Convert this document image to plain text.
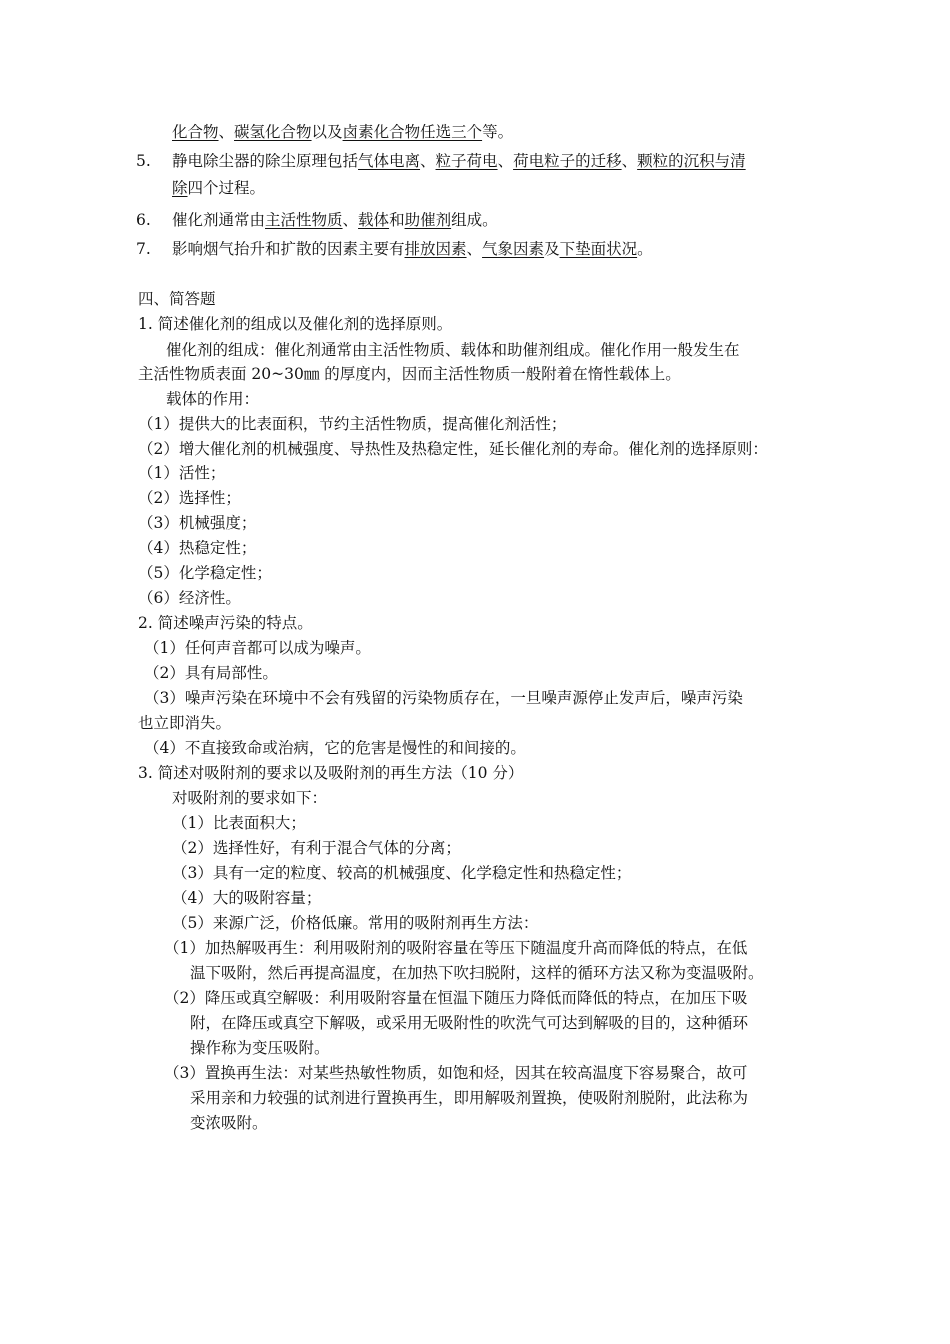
化合物、碳氢化合物以及卤素化合物任选三个等。
5. 静电除尘器的除尘原理包括气体电离、粒子荷电、荷电粒子的迁移、颗粒的沉积与清
除四个过程。
6. 催化剂通常由主活性物质、载体和助催剂组成。
7. 影响烟气抬升和扩散的因素主要有排放因素、气象因素及下垫面状况。
四、简答题
1. 简述催化剂的组成以及催化剂的选择原则。
催化剂的组成：催化剂通常由主活性物质、载体和助催剂组成。催化作用一般发生在
主活性物质表面 20~30㎜ 的厚度内，因而主活性物质一般附着在惰性载体上。
载体的作用：
（1）提供大的比表面积，节约主活性物质，提高催化剂活性；
（2）增大催化剂的机械强度、导热性及热稳定性，延长催化剂的寿命。催化剂的选择原则：
（1）活性；
（2）选择性；
（3）机械强度；
（4）热稳定性；
（5）化学稳定性；
（6）经济性。
2. 简述噪声污染的特点。
（1）任何声音都可以成为噪声。
（2）具有局部性。
（3）噪声污染在环境中不会有残留的污染物质存在，一旦噪声源停止发声后，噪声污染
也立即消失。
（4）不直接致命或治病，它的危害是慢性的和间接的。
3. 简述对吸附剂的要求以及吸附剂的再生方法（10 分）
对吸附剂的要求如下：
（1）比表面积大；
（2）选择性好，有利于混合气体的分离；
（3）具有一定的粒度、较高的机械强度、化学稳定性和热稳定性；
（4）大的吸附容量；
（5）来源广泛，价格低廉。常用的吸附剂再生方法：
（1）加热解吸再生：利用吸附剂的吸附容量在等压下随温度升高而降低的特点，在低
温下吸附，然后再提高温度，在加热下吹扫脱附，这样的循环方法又称为变温吸附。
（2）降压或真空解吸：利用吸附容量在恒温下随压力降低而降低的特点，在加压下吸
附，在降压或真空下解吸，或采用无吸附性的吹洗气可达到解吸的目的，这种循环
操作称为变压吸附。
（3）置换再生法：对某些热敏性物质，如饱和烃，因其在较高温度下容易聚合，故可
采用亲和力较强的试剂进行置换再生，即用解吸剂置换，使吸附剂脱附，此法称为
变浓吸附。
